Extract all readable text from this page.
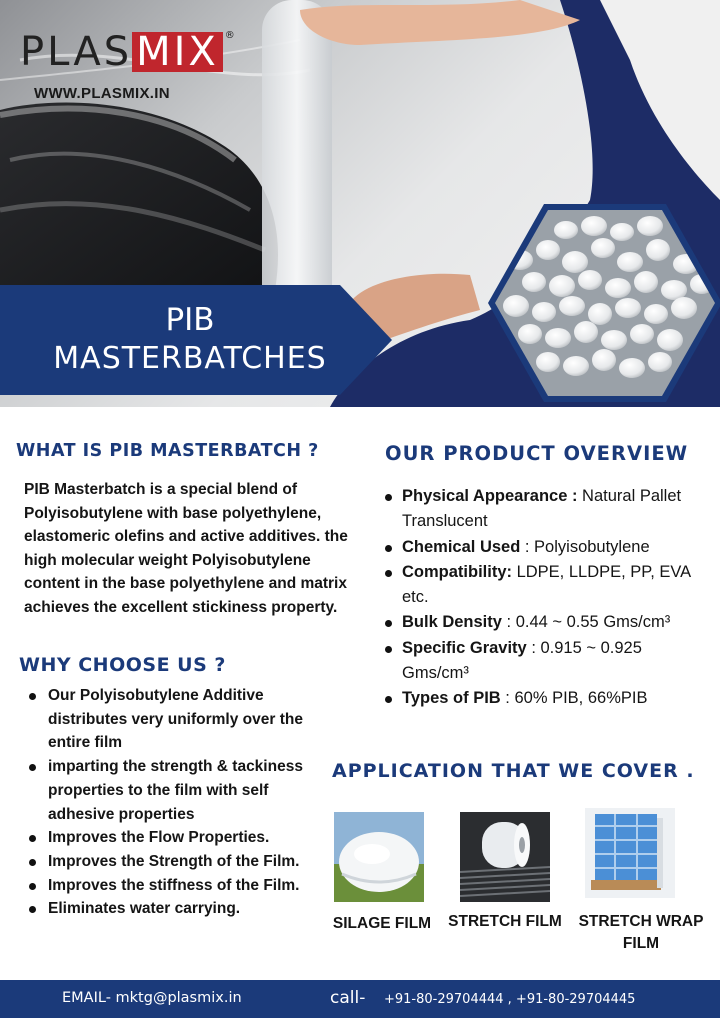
PLAS MIX ®
WWW.PLASMIX.IN
PIB
MASTERBATCHES
WHAT IS PIB MASTERBATCH ?

PIB Masterbatch is a special blend of Polyisobutylene with base polyethylene, elastomeric olefins and active additives. the high molecular weight Polyisobutylene content in the base polyethylene and matrix achieves the excellent stickiness property.

WHY CHOOSE US ?
Our Polyisobutylene Additive distributes very uniformly over the entire film
imparting the strength & tackiness properties to the film with self adhesive properties
Improves the Flow Properties.
Improves the Strength of the Film.
Improves the stiffness of the Film.
Eliminates water carrying.
OUR PRODUCT OVERVIEW
Physical Appearance : Natural Pallet Translucent
Chemical Used : Polyisobutylene
Compatibility: LDPE, LLDPE, PP, EVA etc.
Bulk Density : 0.44 ~ 0.55 Gms/cm³
Specific Gravity : 0.915 ~ 0.925 Gms/cm³
Types of PIB : 60% PIB, 66%PIB
APPLICATION THAT WE COVER .
SILAGE FILM	STRETCH FILM	STRETCH WRAP FILM
EMAIL- mktg@plasmix.in	call- +91-80-29704444 , +91-80-29704445
